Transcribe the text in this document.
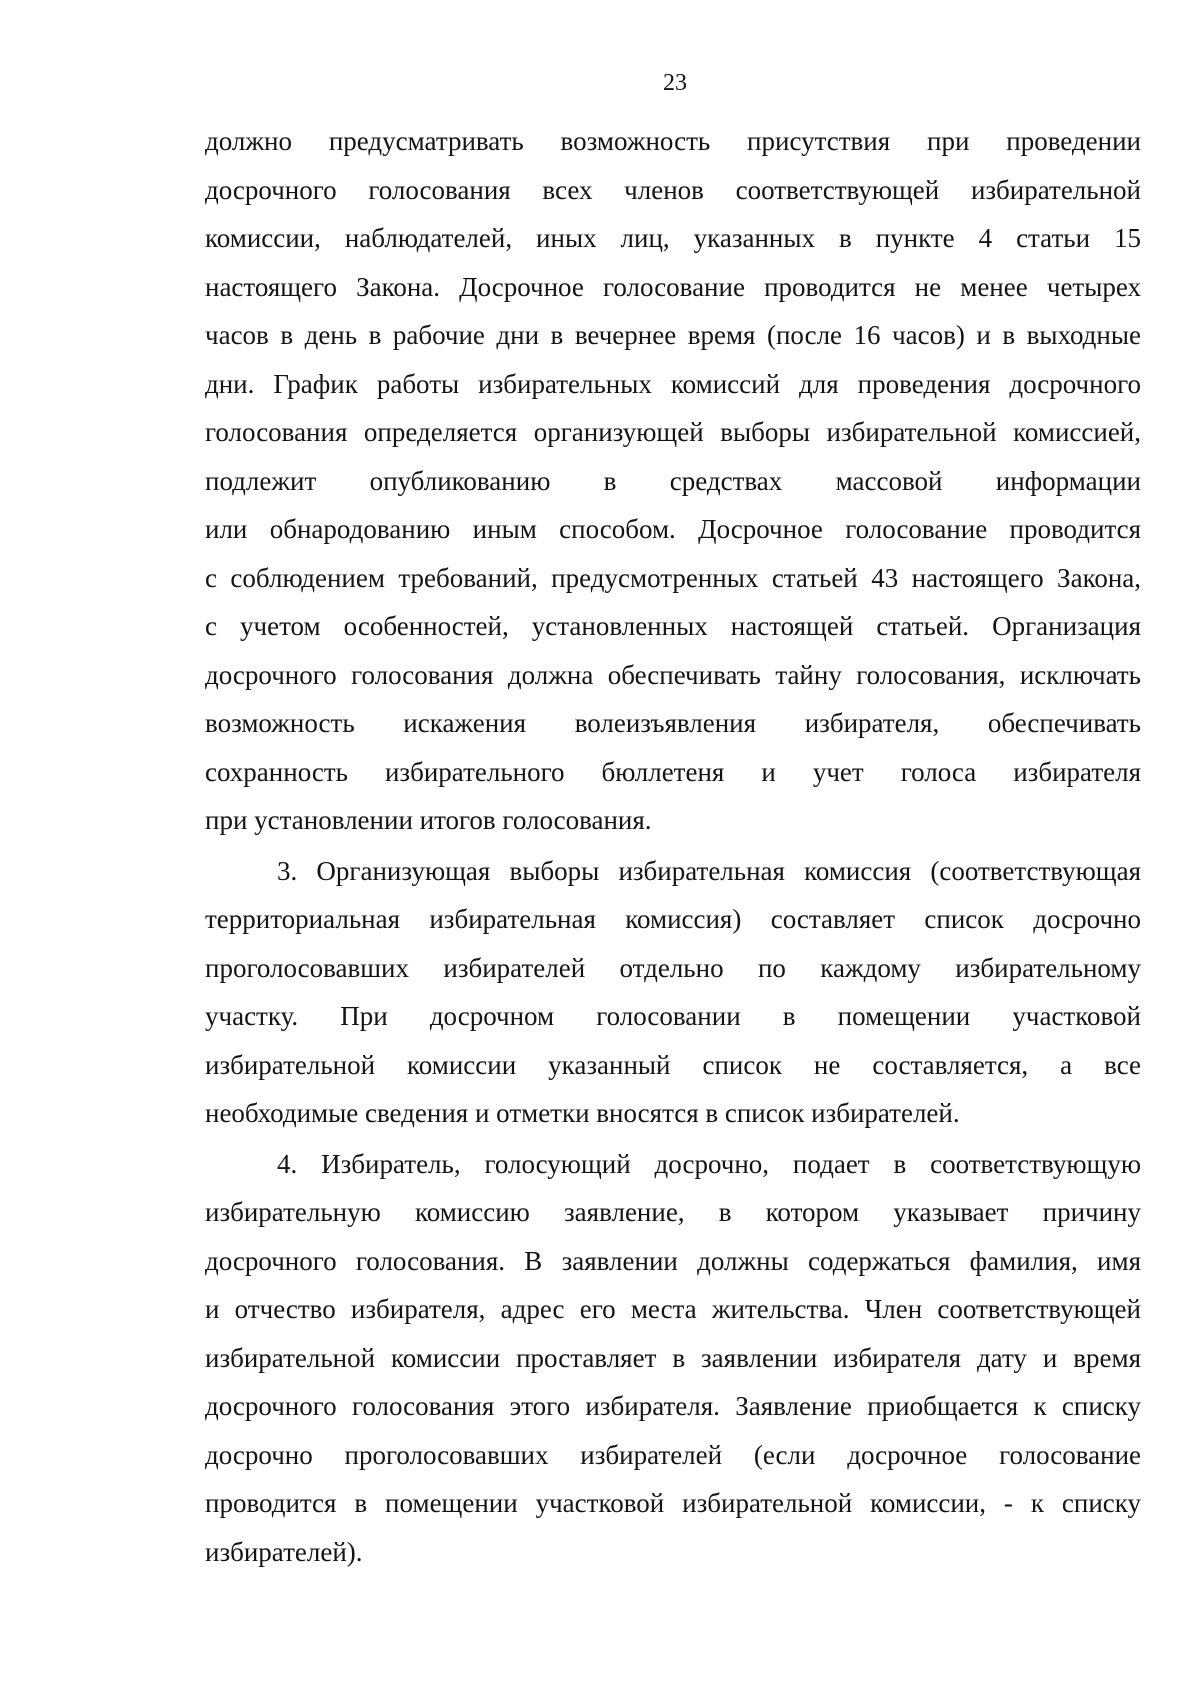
23
должно предусматривать возможность присутствия при проведении
досрочного голосования всех членов соответствующей избирательной
комиссии, наблюдателей, иных лиц, указанных в пункте 4 статьи 15
настоящего Закона. Досрочное голосование проводится не менее четырех
часов в день в рабочие дни в вечернее время (после 16 часов) и в выходные
дни. График работы избирательных комиссий для проведения досрочного
голосования определяется организующей выборы избирательной комиссией,
подлежит опубликованию в средствах массовой информации
или обнародованию иным способом. Досрочное голосование проводится
с соблюдением требований, предусмотренных статьей 43 настоящего Закона,
с учетом особенностей, установленных настоящей статьей. Организация
досрочного голосования должна обеспечивать тайну голосования, исключать
возможность искажения волеизъявления избирателя, обеспечивать
сохранность избирательного бюллетеня и учет голоса избирателя
при установлении итогов голосования.
3. Организующая выборы избирательная комиссия (соответствующая
территориальная избирательная комиссия) составляет список досрочно
проголосовавших избирателей отдельно по каждому избирательному
участку. При досрочном голосовании в помещении участковой
избирательной комиссии указанный список не составляется, а все
необходимые сведения и отметки вносятся в список избирателей.
4. Избиратель, голосующий досрочно, подает в соответствующую
избирательную комиссию заявление, в котором указывает причину
досрочного голосования. В заявлении должны содержаться фамилия, имя
и отчество избирателя, адрес его места жительства. Член соответствующей
избирательной комиссии проставляет в заявлении избирателя дату и время
досрочного голосования этого избирателя. Заявление приобщается к списку
досрочно проголосовавших избирателей (если досрочное голосование
проводится в помещении участковой избирательной комиссии, - к списку
избирателей).
